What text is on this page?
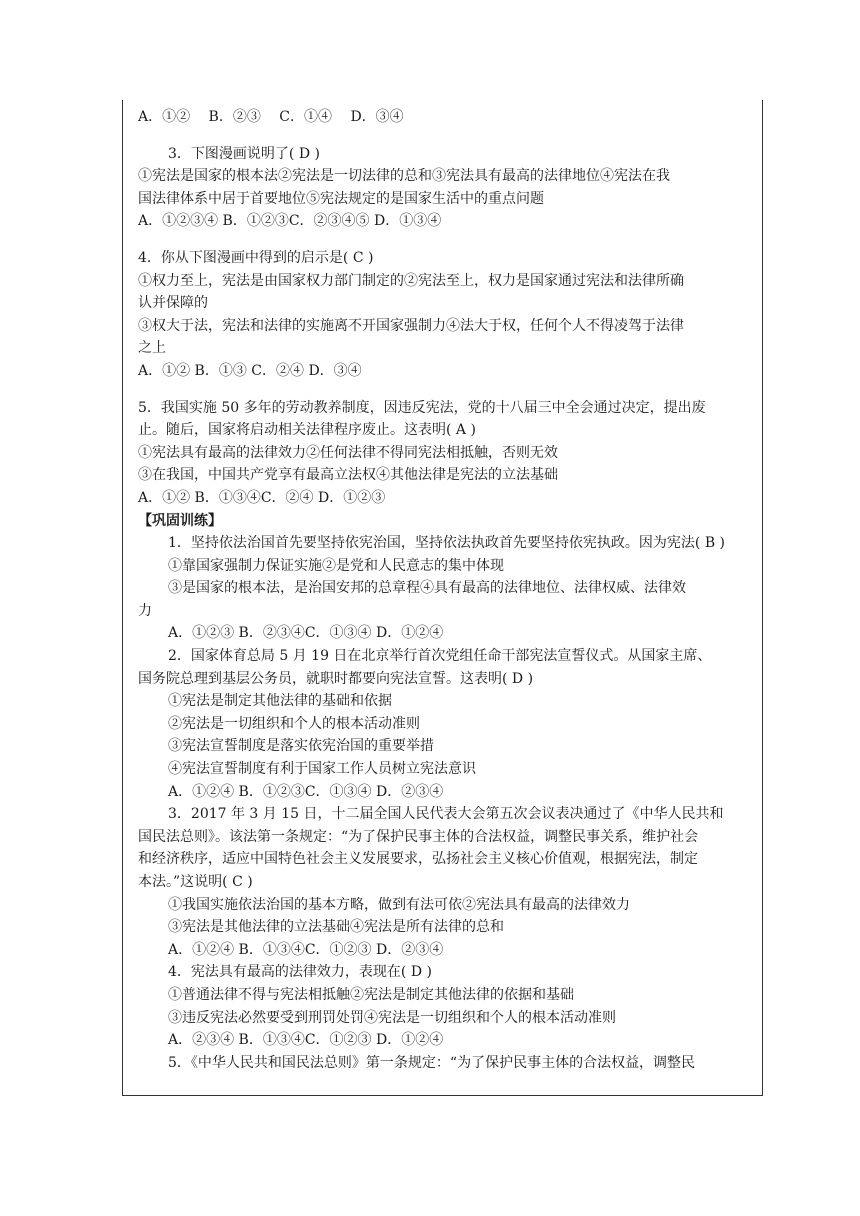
A．①②　 B．②③　 C．①④　 D．③④
3．下图漫画说明了( D )
①宪法是国家的根本法②宪法是一切法律的总和③宪法具有最高的法律地位④宪法在我
国法律体系中居于首要地位⑤宪法规定的是国家生活中的重点问题
A．①②③④ B．①②③C．②③④⑤ D．①③④
4．你从下图漫画中得到的启示是( C )
①权力至上，宪法是由国家权力部门制定的②宪法至上，权力是国家通过宪法和法律所确
认并保障的
③权大于法，宪法和法律的实施离不开国家强制力④法大于权，任何个人不得凌驾于法律
之上
A．①② B．①③ C．②④ D．③④
5．我国实施 50 多年的劳动教养制度，因违反宪法，党的十八届三中全会通过决定，提出废
止。随后，国家将启动相关法律程序废止。这表明( A )
①宪法具有最高的法律效力②任何法律不得同宪法相抵触，否则无效
③在我国，中国共产党享有最高立法权④其他法律是宪法的立法基础
A．①② B．①③④C．②④ D．①②③
【巩固训练】
1．坚持依法治国首先要坚持依宪治国，坚持依法执政首先要坚持依宪执政。因为宪法( B )
①靠国家强制力保证实施②是党和人民意志的集中体现
③是国家的根本法，是治国安邦的总章程④具有最高的法律地位、法律权威、法律效
力
A．①②③ B．②③④C．①③④ D．①②④
2．国家体育总局 5 月 19 日在北京举行首次党组任命干部宪法宣誓仪式。从国家主席、
国务院总理到基层公务员，就职时都要向宪法宣誓。这表明( D )
①宪法是制定其他法律的基础和依据
②宪法是一切组织和个人的根本活动准则
③宪法宣誓制度是落实依宪治国的重要举措
④宪法宣誓制度有利于国家工作人员树立宪法意识
A．①②④ B．①②③C．①③④ D．②③④
3．2017 年 3 月 15 日，十二届全国人民代表大会第五次会议表决通过了《中华人民共和
国民法总则》。该法第一条规定：“为了保护民事主体的合法权益，调整民事关系，维护社会
和经济秩序，适应中国特色社会主义发展要求，弘扬社会主义核心价值观，根据宪法，制定
本法。”这说明( C )
①我国实施依法治国的基本方略，做到有法可依②宪法具有最高的法律效力
③宪法是其他法律的立法基础④宪法是所有法律的总和
A．①②④ B．①③④C．①②③ D．②③④
4．宪法具有最高的法律效力，表现在( D )
①普通法律不得与宪法相抵触②宪法是制定其他法律的依据和基础
③违反宪法必然要受到刑罚处罚④宪法是一切组织和个人的根本活动准则
A．②③④ B．①③④C．①②③ D．①②④
5．《中华人民共和国民法总则》第一条规定：“为了保护民事主体的合法权益，调整民
